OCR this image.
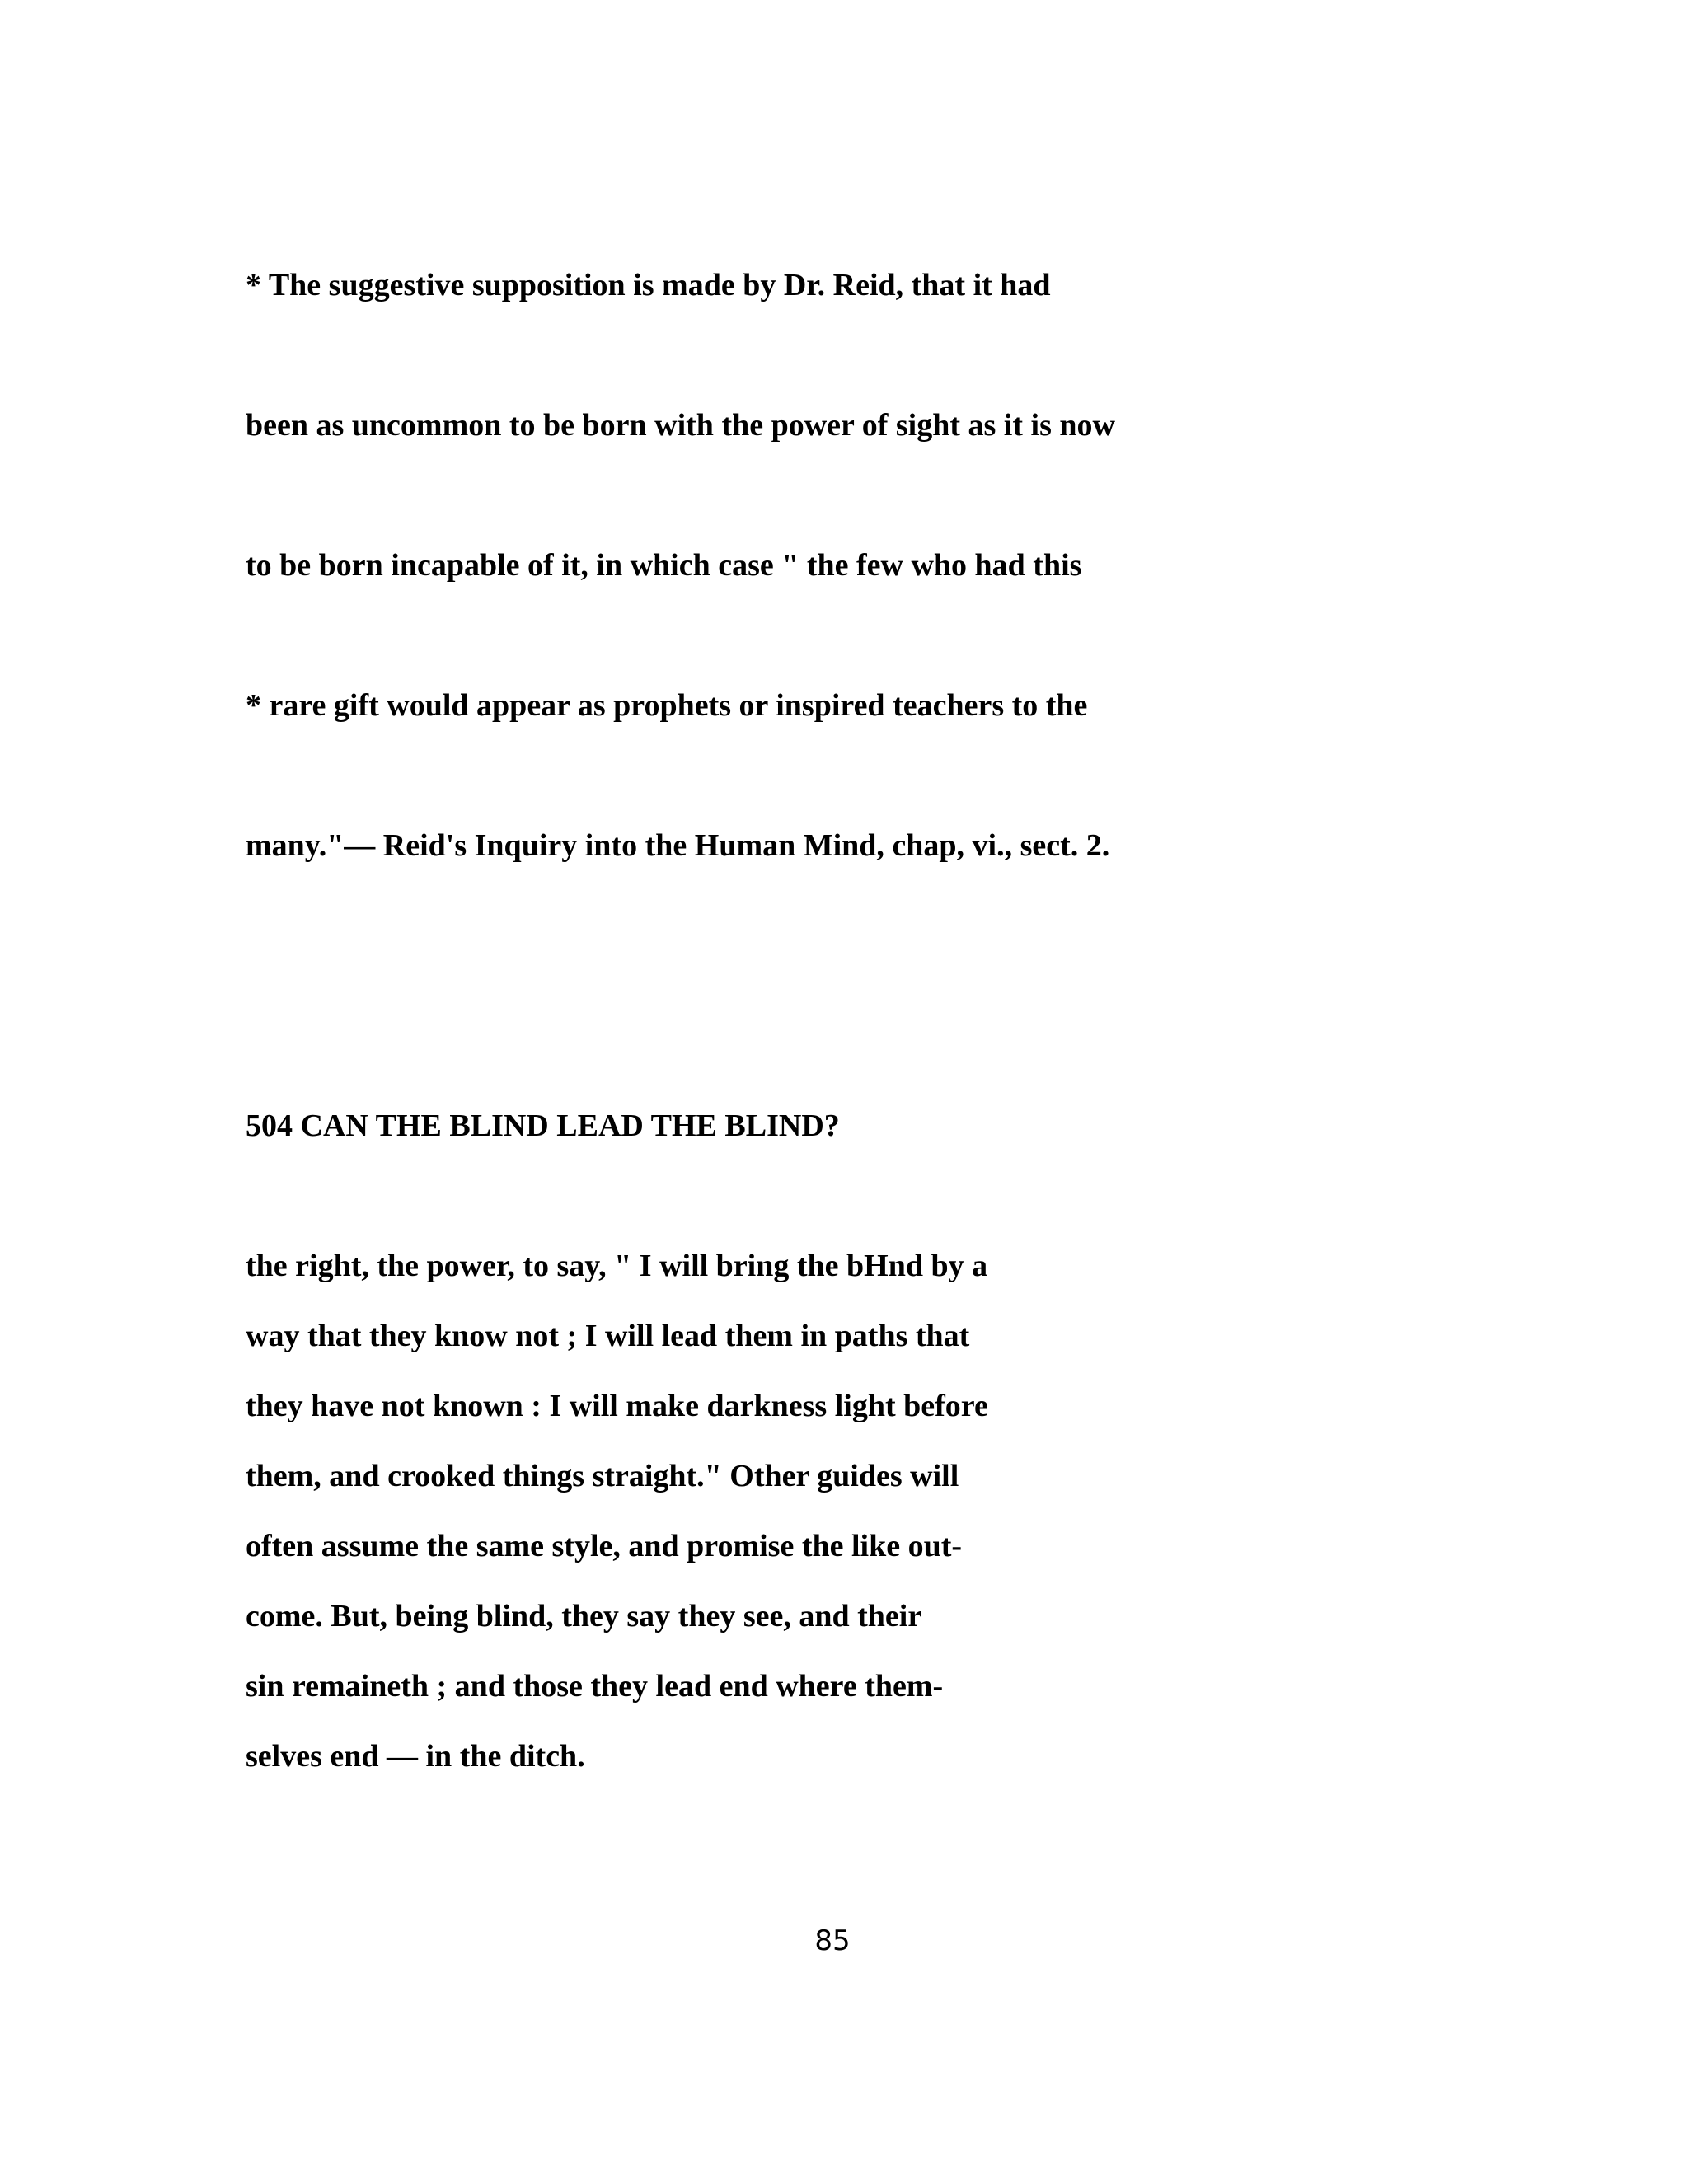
* The suggestive supposition is made by Dr. Reid, that it had

been as uncommon to be born with the power of sight as it is now

to be born incapable of it, in which case " the few who had this

* rare gift would appear as prophets or inspired teachers to the

many."— Reid's Inquiry into the Human Mind, chap, vi., sect. 2.

504 CAN THE BLIND LEAD THE BLIND?

the right, the power, to say, " I will bring the bHnd by a

way that they know not ; I will lead them in paths that

they have not known : I will make darkness light before

them, and crooked things straight." Other guides will

often assume the same style, and promise the like out-

come. But, being blind, they say they see, and their

sin remaineth ; and those they lead end where them-

selves end — in the ditch.

85
